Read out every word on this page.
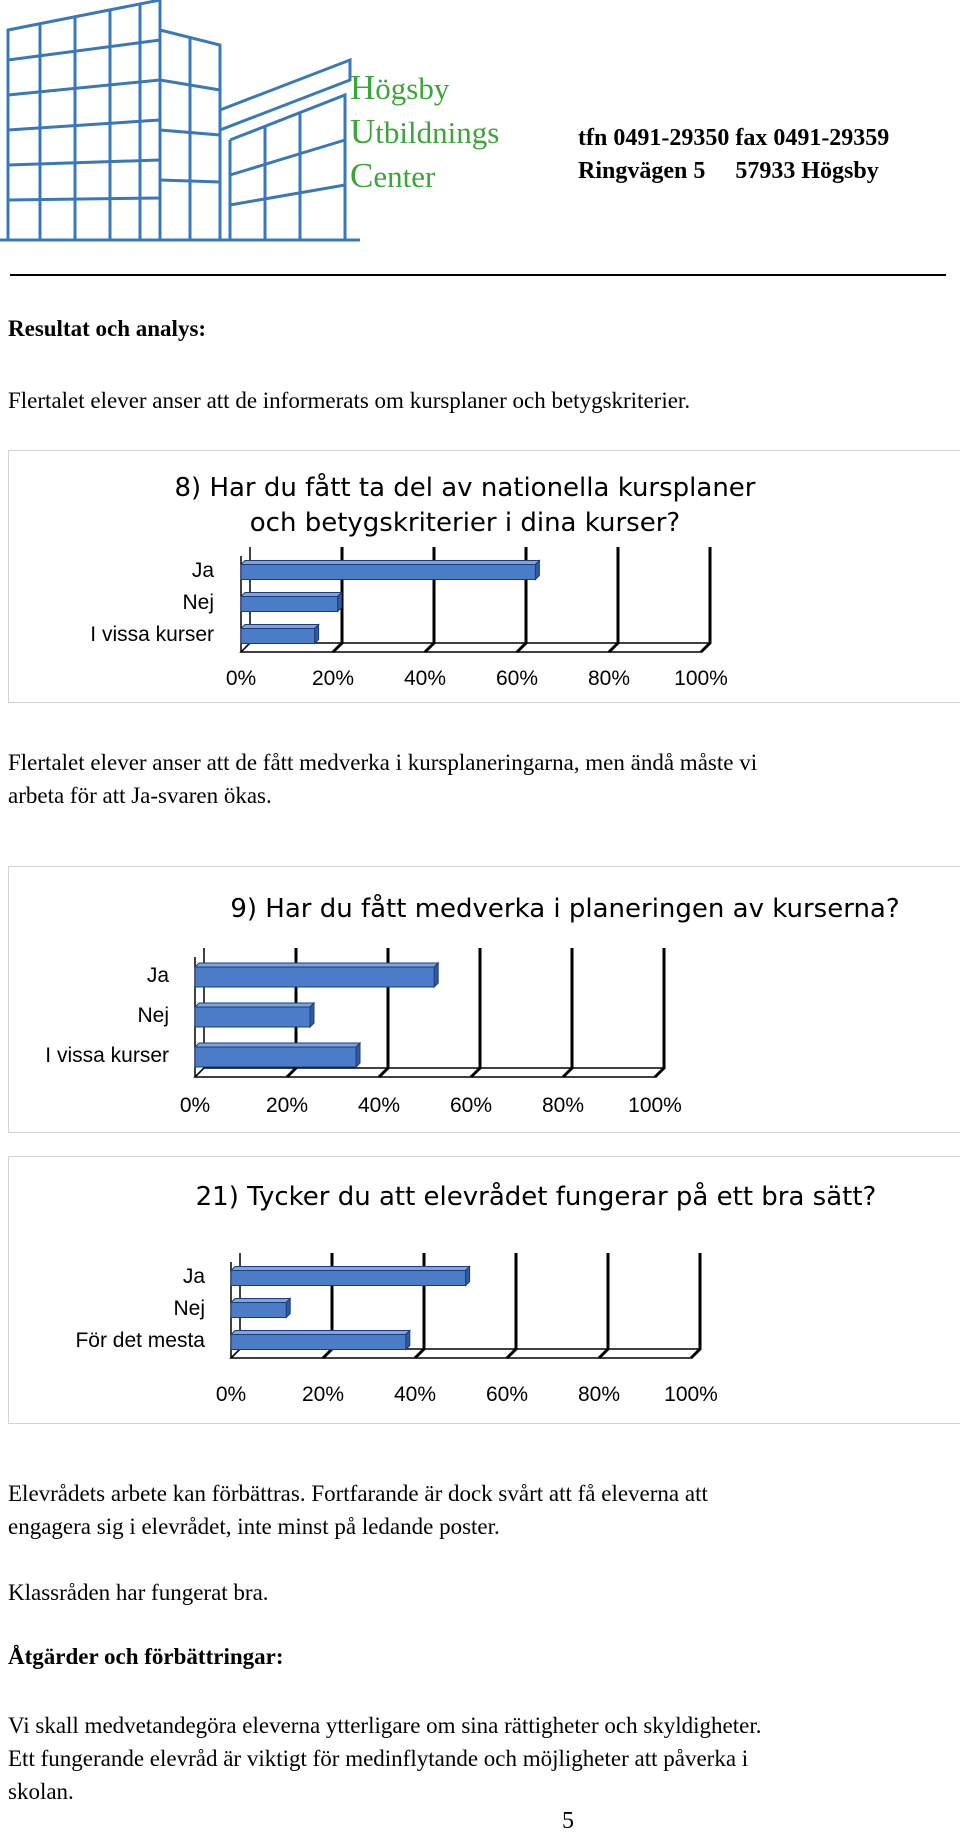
Högsby
Utbildnings
Center
tfn 0491-29350 fax 0491-29359
Ringvägen 5     57933 Högsby
Resultat och analys:
Flertalet elever anser att de informerats om kursplaner och betygskriterier.
8) Har du fått ta del av nationella kursplaner
och betygskriterier i dina kurser?
Ja
Nej
I vissa kurser
0%	20%	40%	60%	80%	100%
Flertalet elever anser att de fått medverka i kursplaneringarna, men ändå måste vi
arbeta för att Ja-svaren ökas.
9) Har du fått medverka i planeringen av kurserna?
Ja
Nej
I vissa kurser
0%	20%	40%	60%	80%	100%
21) Tycker du att elevrådet fungerar på ett bra sätt?
Ja
Nej
För det mesta
0%	20%	40%	60%	80%	100%
Elevrådets arbete kan förbättras. Fortfarande är dock svårt att få eleverna att
engagera sig i elevrådet, inte minst på ledande poster.
Klassråden har fungerat bra.
Åtgärder och förbättringar:
Vi skall medvetandegöra eleverna ytterligare om sina rättigheter och skyldigheter.
Ett fungerande elevråd är viktigt för medinflytande och möjligheter att påverka i
skolan.
5
